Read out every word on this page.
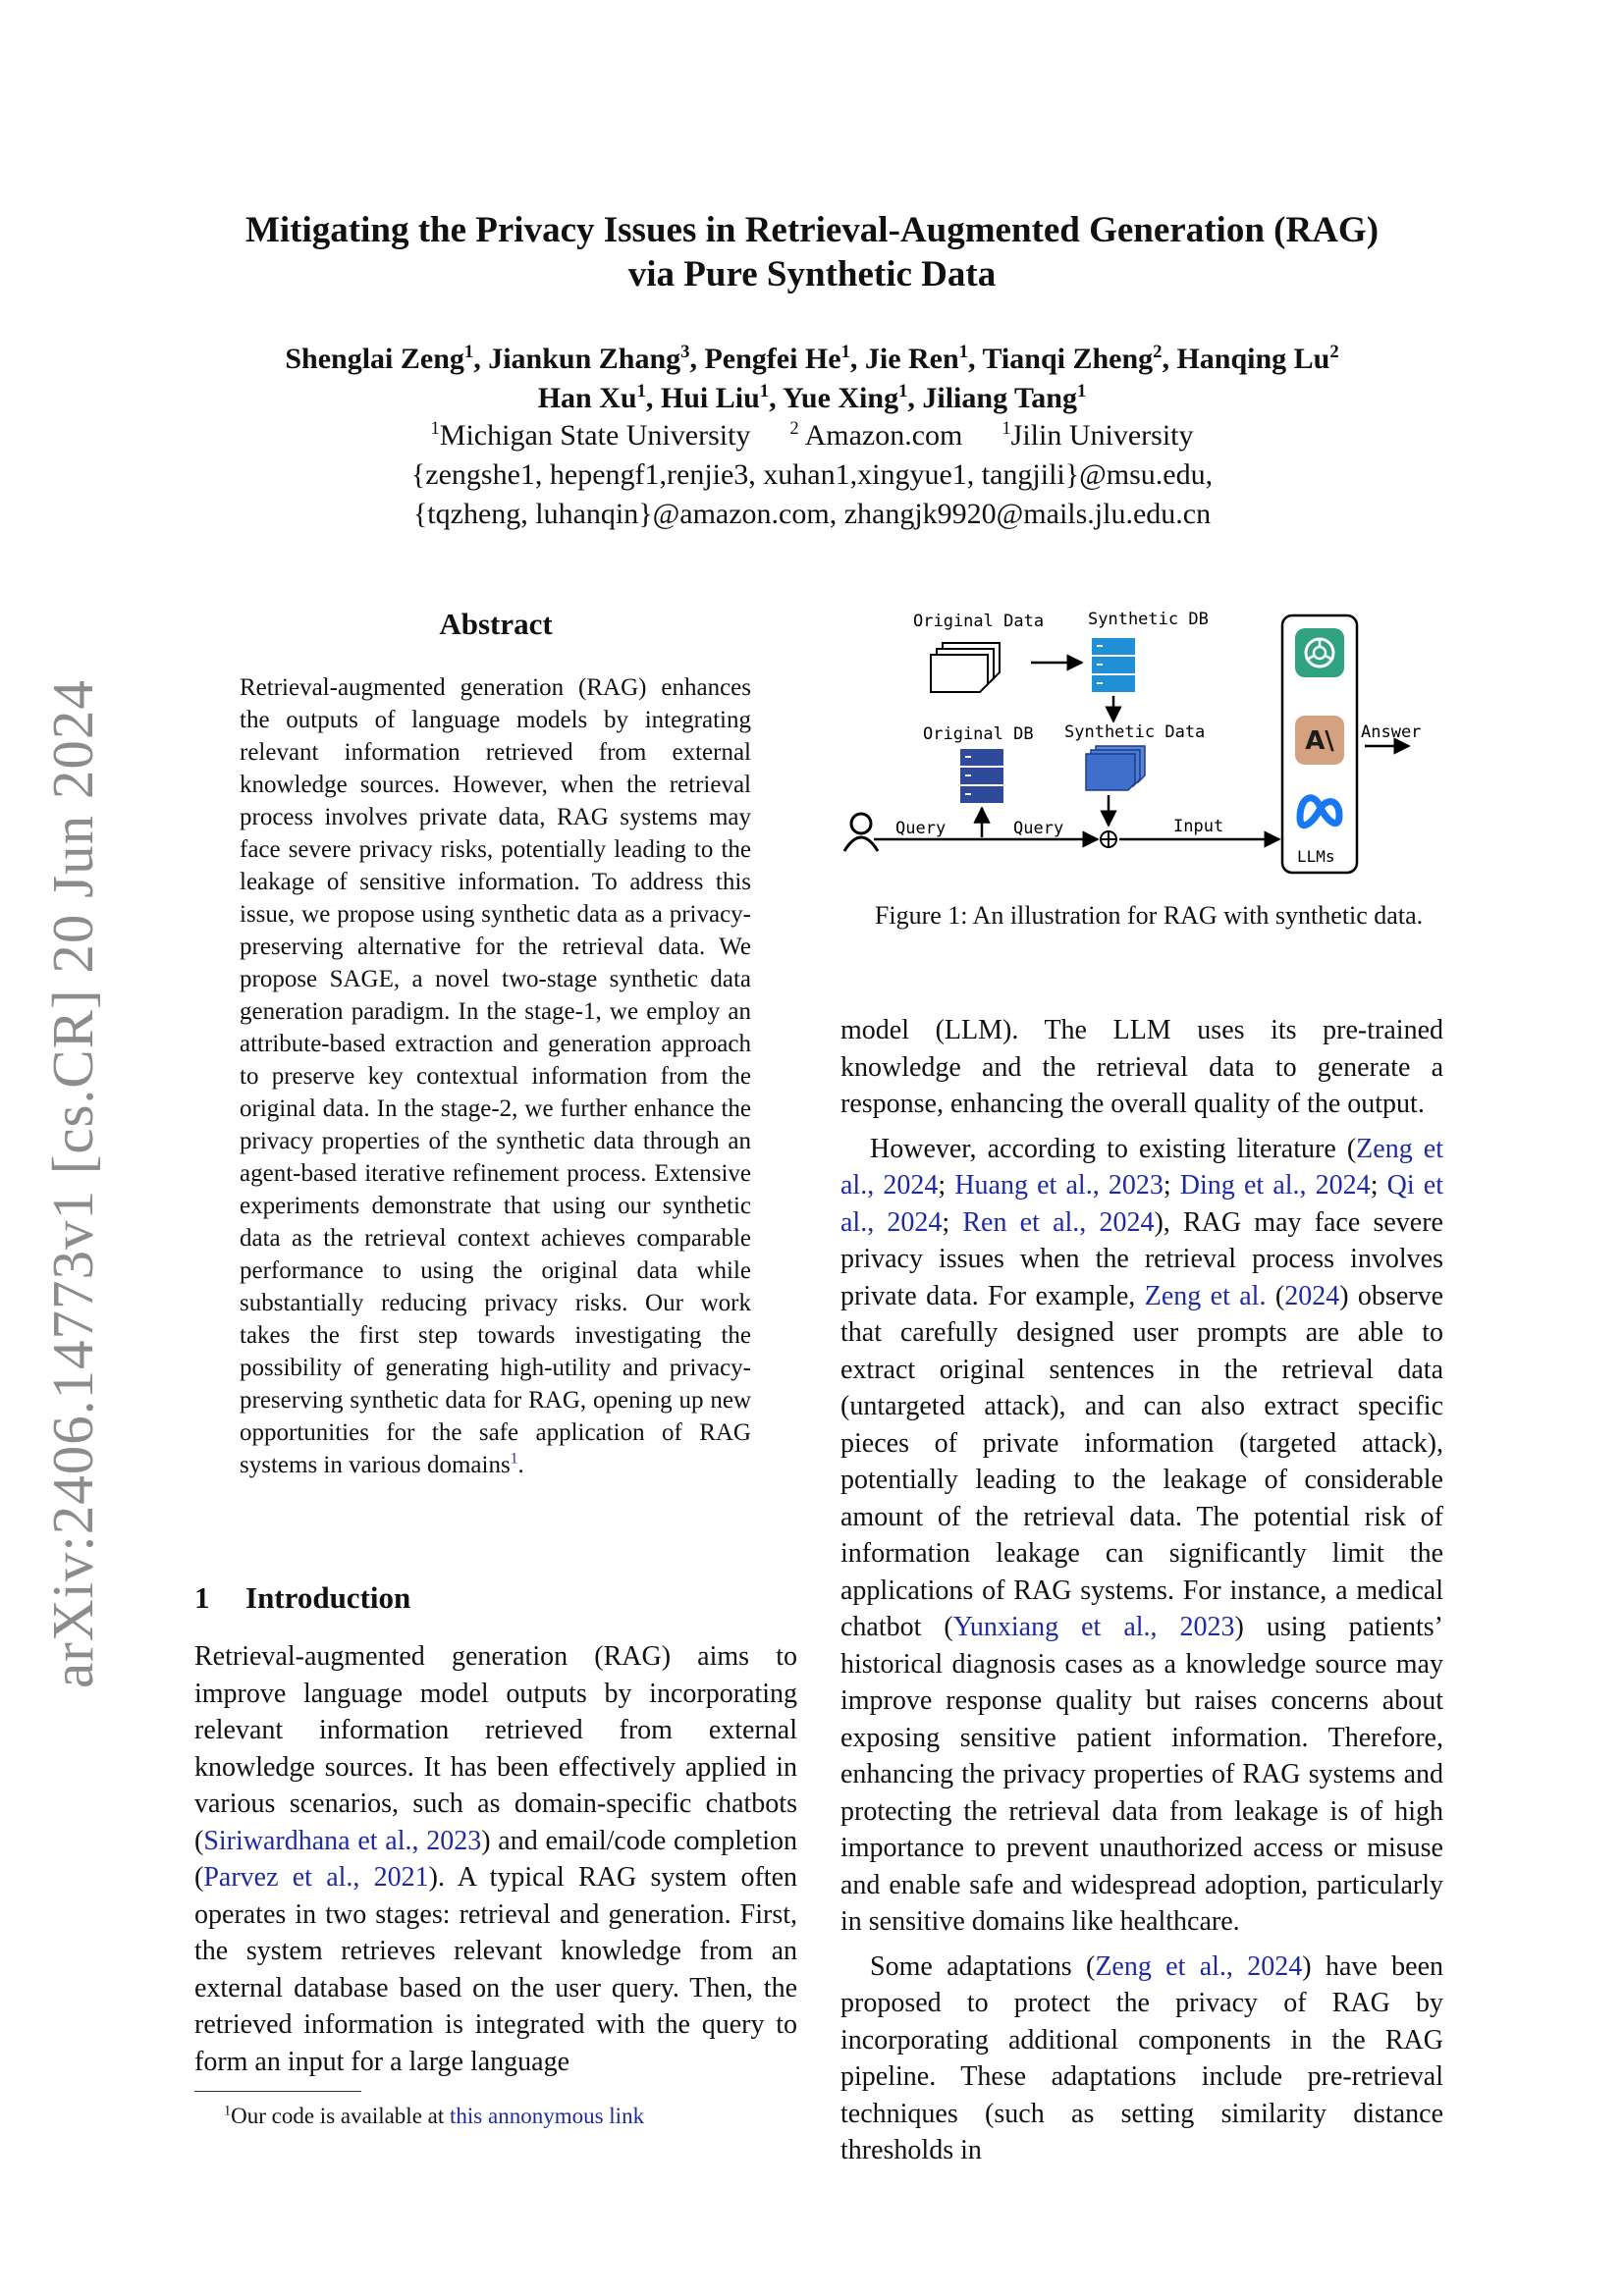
arXiv:2406.14773v1 [cs.CR] 20 Jun 2024
Mitigating the Privacy Issues in Retrieval-Augmented Generation (RAG)
via Pure Synthetic Data
Shenglai Zeng$^1$, Jiankun Zhang$^3$, Pengfei He$^1$, Jie Ren$^1$, Tianqi Zheng$^2$, Hanqing Lu$^2$
Han Xu$^1$, Hui Liu$^1$, Yue Xing$^1$, Jiliang Tang$^1$
$^1$Michigan State University $^2$ Amazon.com $^1$Jilin University
{zengshe1, hepengf1,renjie3, xuhan1,xingyue1, tangjili}@msu.edu,
{tqzheng, luhanqin}@amazon.com, zhangjk9920@mails.jlu.edu.cn
Abstract

Retrieval-augmented generation (RAG) enhances the outputs of language models by integrating relevant information retrieved from external knowledge sources. However, when the retrieval process involves private data, RAG systems may face severe privacy risks, potentially leading to the leakage of sensitive information. To address this issue, we propose using synthetic data as a privacy-preserving alternative for the retrieval data. We propose SAGE, a novel two-stage synthetic data generation paradigm. In the stage-1, we employ an attribute-based extraction and generation approach to preserve key contextual information from the original data. In the stage-2, we further enhance the privacy properties of the synthetic data through an agent-based iterative refinement process. Extensive experiments demonstrate that using our synthetic data as the retrieval context achieves comparable performance to using the original data while substantially reducing privacy risks. Our work takes the first step towards investigating the possibility of generating high-utility and privacy-preserving synthetic data for RAG, opening up new opportunities for the safe application of RAG systems in various domains$^1$.

1 Introduction

Retrieval-augmented generation (RAG) aims to improve language model outputs by incorporating relevant information retrieved from external knowledge sources. It has been effectively applied in various scenarios, such as domain-specific chatbots (Siriwardhana et al., 2023) and email/code completion (Parvez et al., 2021). A typical RAG system often operates in two stages: retrieval and generation. First, the system retrieves relevant knowledge from an external database based on the user query. Then, the retrieved information is integrated with the query to form an input for a large language

$^1$Our code is available at this annonymous link
Original Data	Synthetic DB
Original DB Synthetic Data
Query	Query	Input
Answer
LLMs
A\
Figure 1: An illustration for RAG with synthetic data.

model (LLM). The LLM uses its pre-trained knowledge and the retrieval data to generate a response, enhancing the overall quality of the output.

However, according to existing literature (Zeng et al., 2024; Huang et al., 2023; Ding et al., 2024; Qi et al., 2024; Ren et al., 2024), RAG may face severe privacy issues when the retrieval process involves private data. For example, Zeng et al. (2024) observe that carefully designed user prompts are able to extract original sentences in the retrieval data (untargeted attack), and can also extract specific pieces of private information (targeted attack), potentially leading to the leakage of considerable amount of the retrieval data. The potential risk of information leakage can significantly limit the applications of RAG systems. For instance, a medical chatbot (Yunxiang et al., 2023) using patients’ historical diagnosis cases as a knowledge source may improve response quality but raises concerns about exposing sensitive patient information. Therefore, enhancing the privacy properties of RAG systems and protecting the retrieval data from leakage is of high importance to prevent unauthorized access or misuse and enable safe and widespread adoption, particularly in sensitive domains like healthcare.

Some adaptations (Zeng et al., 2024) have been proposed to protect the privacy of RAG by incorporating additional components in the RAG pipeline. These adaptations include pre-retrieval techniques (such as setting similarity distance thresholds in
